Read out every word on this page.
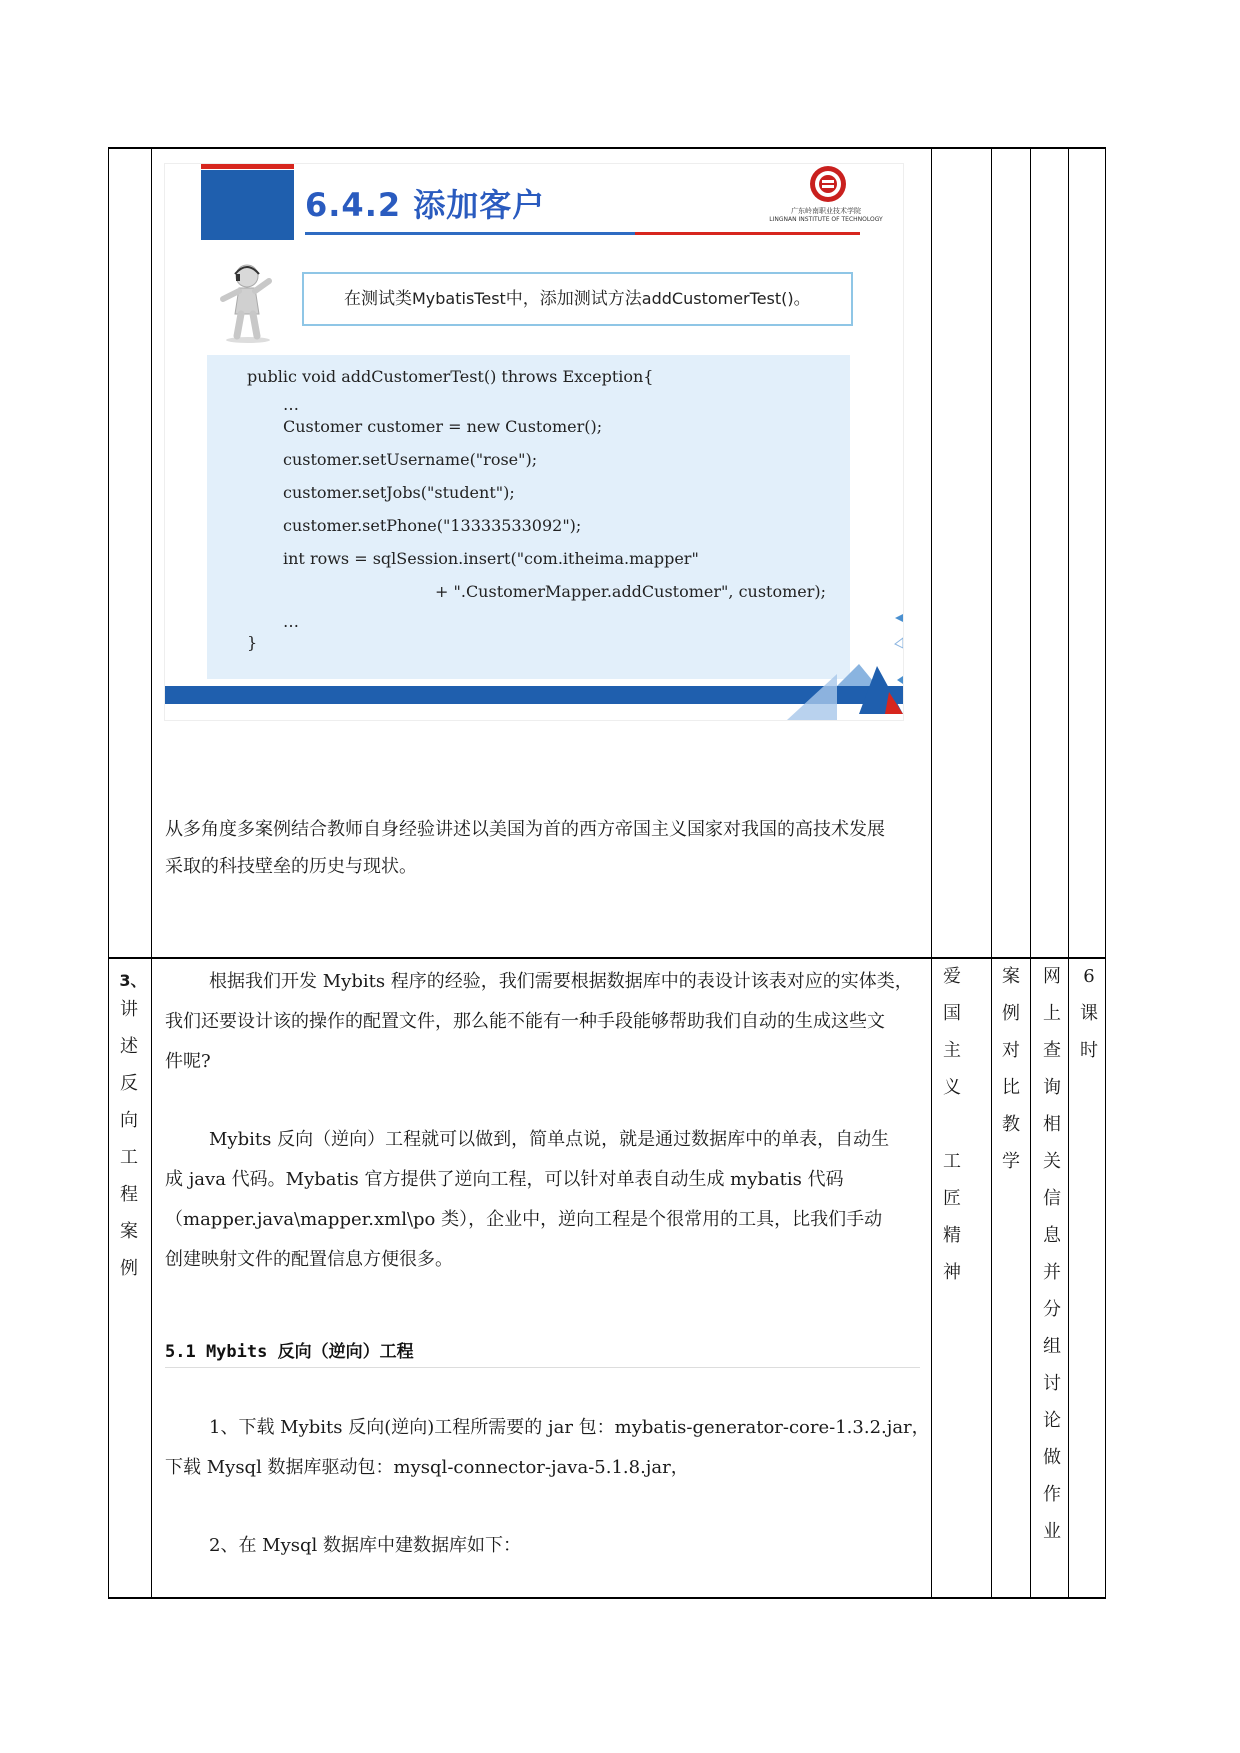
6.4.2 添加客户	广东岭南职业技术学院
LINGNAN INSTITUTE OF TECHNOLOGY
在测试类MybatisTest中，添加测试方法addCustomerTest()。
public void addCustomerTest() throws Exception{
…
Customer customer = new Customer();
customer.setUsername("rose");
customer.setJobs("student");
customer.setPhone("13333533092");
int rows = sqlSession.insert("com.itheima.mapper"
+ ".CustomerMapper.addCustomer", customer);
…
}
从多角度多案例结合教师自身经验讲述以美国为首的西方帝国主义国家对我国的高技术发展
采取的科技壁垒的历史与现状。
3、
讲
述
反
向
工
程
案
例
根据我们开发 Mybits 程序的经验，我们需要根据数据库中的表设计该表对应的实体类，
我们还要设计该的操作的配置文件，那么能不能有一种手段能够帮助我们自动的生成这些文
件呢?
Mybits 反向（逆向）工程就可以做到，简单点说，就是通过数据库中的单表，自动生
成 java 代码。Mybatis 官方提供了逆向工程，可以针对单表自动生成 mybatis 代码
（mapper.java\mapper.xml\po 类），企业中，逆向工程是个很常用的工具，比我们手动
创建映射文件的配置信息方便很多。
5.1 Mybits 反向（逆向）工程
1、下载 Mybits 反向(逆向)工程所需要的 jar 包：mybatis-generator-core-1.3.2.jar，
下载 Mysql 数据库驱动包：mysql-connector-java-5.1.8.jar，
2、在 Mysql 数据库中建数据库如下：
爱
国
主
义
工
匠
精
神
案
例
对
比
教
学
网
上
查
询
相
关
信
息
并
分
组
讨
论
做
作
业
6
课
时
